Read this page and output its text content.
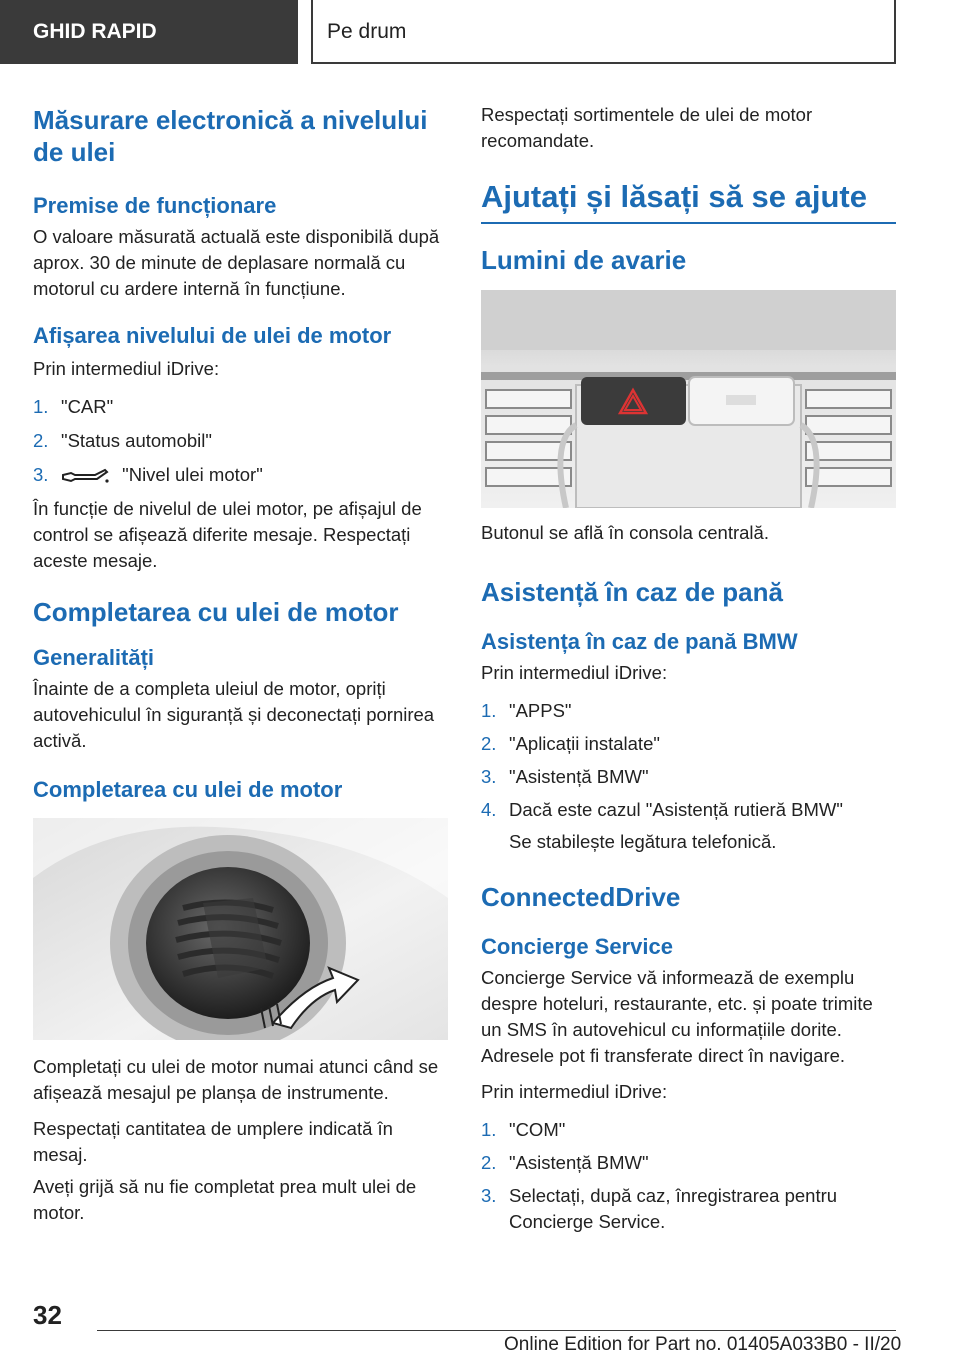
GHID RAPID	Pe drum
Măsurare electronică a nivelului de ulei
Premise de funcționare

O valoare măsurată actuală este disponibilă după aprox. 30 de minute de deplasare normală cu motorul cu ardere internă în funcțiune.

Afișarea nivelului de ulei de motor

Prin intermediul iDrive:

1. "CAR"
2. "Status automobil"
3.	"Nivel ulei motor"

În funcție de nivelul de ulei motor, pe afișajul de control se afișează diferite mesaje. Respectați aceste mesaje.

Completarea cu ulei de motor
Generalități

Înainte de a completa uleiul de motor, opriți autovehiculul în siguranță și deconectați pornirea activă.

Completarea cu ulei de motor

Completați cu ulei de motor numai atunci când se afișează mesajul pe planșa de instrumente.

Respectați cantitatea de umplere indicată în mesaj.

Aveți grijă să nu fie completat prea mult ulei de motor.

Respectați sortimentele de ulei de motor recomandate.

Ajutați și lăsați să se ajute
Lumini de avarie

Butonul se află în consola centrală.

Asistență în caz de pană
Asistența în caz de pană BMW

Prin intermediul iDrive:

1. "APPS"
2. "Aplicații instalate"
3. "Asistență BMW"
4. Dacă este cazul "Asistență rutieră BMW"

Se stabilește legătura telefonică.

ConnectedDrive
Concierge Service

Concierge Service vă informează de exemplu despre hoteluri, restaurante, etc. și poate trimite un SMS în autovehicul cu informațiile dorite. Adresele pot fi transferate direct în navigare.

Prin intermediul iDrive:

1. "COM"
2. "Asistență BMW"
3. Selectați, după caz, înregistrarea pentru Concierge Service.
32
Online Edition for Part no. 01405A033B0 - II/20
